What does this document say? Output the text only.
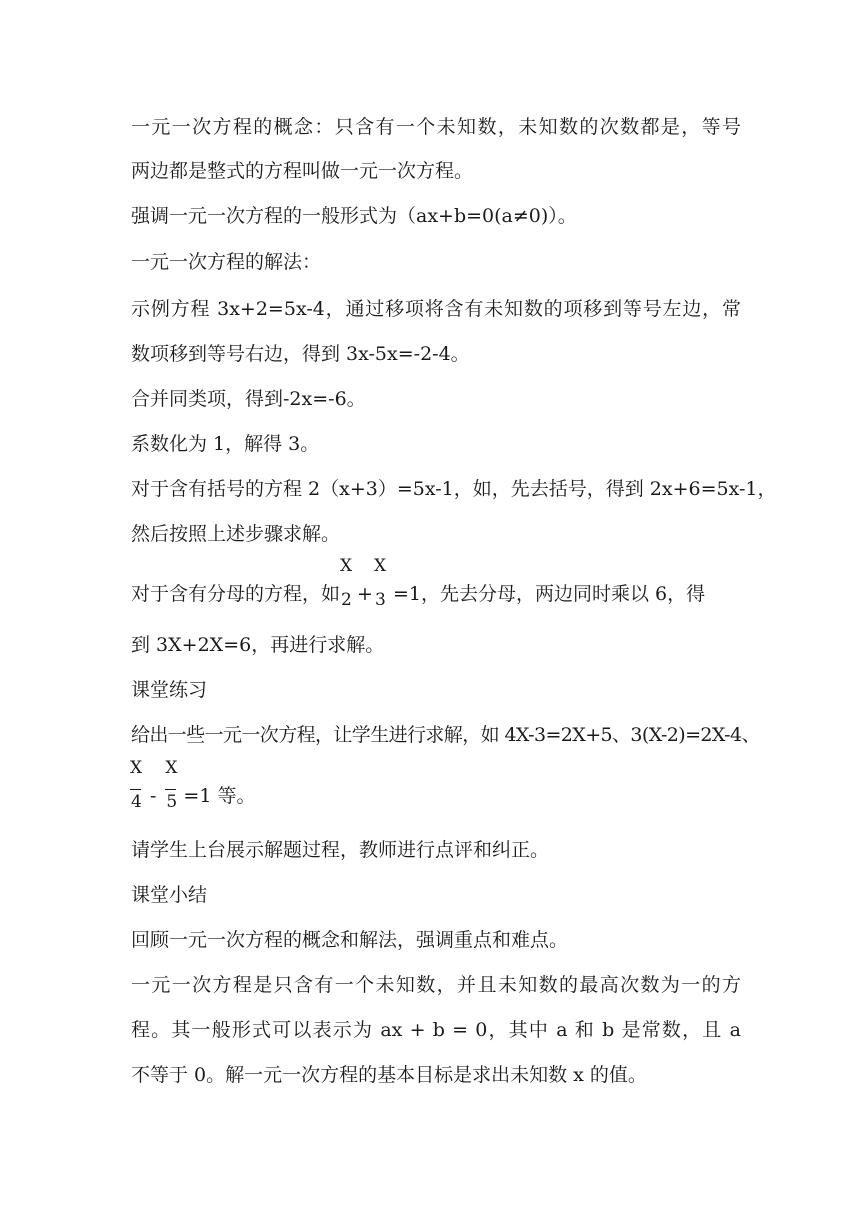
一元一次方程的概念：只含有一个未知数，未知数的次数都是，等号
两边都是整式的方程叫做一元一次方程。
强调一元一次方程的一般形式为（ax+b=0(a≠0)）。
一元一次方程的解法：
示例方程 3x+2=5x-4，通过移项将含有未知数的项移到等号左边，常
数项移到等号右边，得到 3x-5x=-2-4。
合并同类项，得到-2x=-6。
系数化为 1，解得 3。
对于含有括号的方程 2（x+3）=5x-1，如，先去括号，得到 2x+6=5x-1，
然后按照上述步骤求解。
对于含有分母的方程，如
X
2 +
X
3 =1，先去分母，两边同时乘以 6，得
到 3X+2X=6，再进行求解。
课堂练习
给出一些一元一次方程，让学生进行求解，如 4X-3=2X+5、3(X-2)=2X-4、
$\frac{X}{4} - \frac{X}{5} =1$ 等。
请学生上台展示解题过程，教师进行点评和纠正。
课堂小结
回顾一元一次方程的概念和解法，强调重点和难点。
一元一次方程是只含有一个未知数，并且未知数的最高次数为一的方
程。其一般形式可以表示为 ax + b = 0，其中 a 和 b 是常数，且 a
不等于 0。解一元一次方程的基本目标是求出未知数 x 的值。
